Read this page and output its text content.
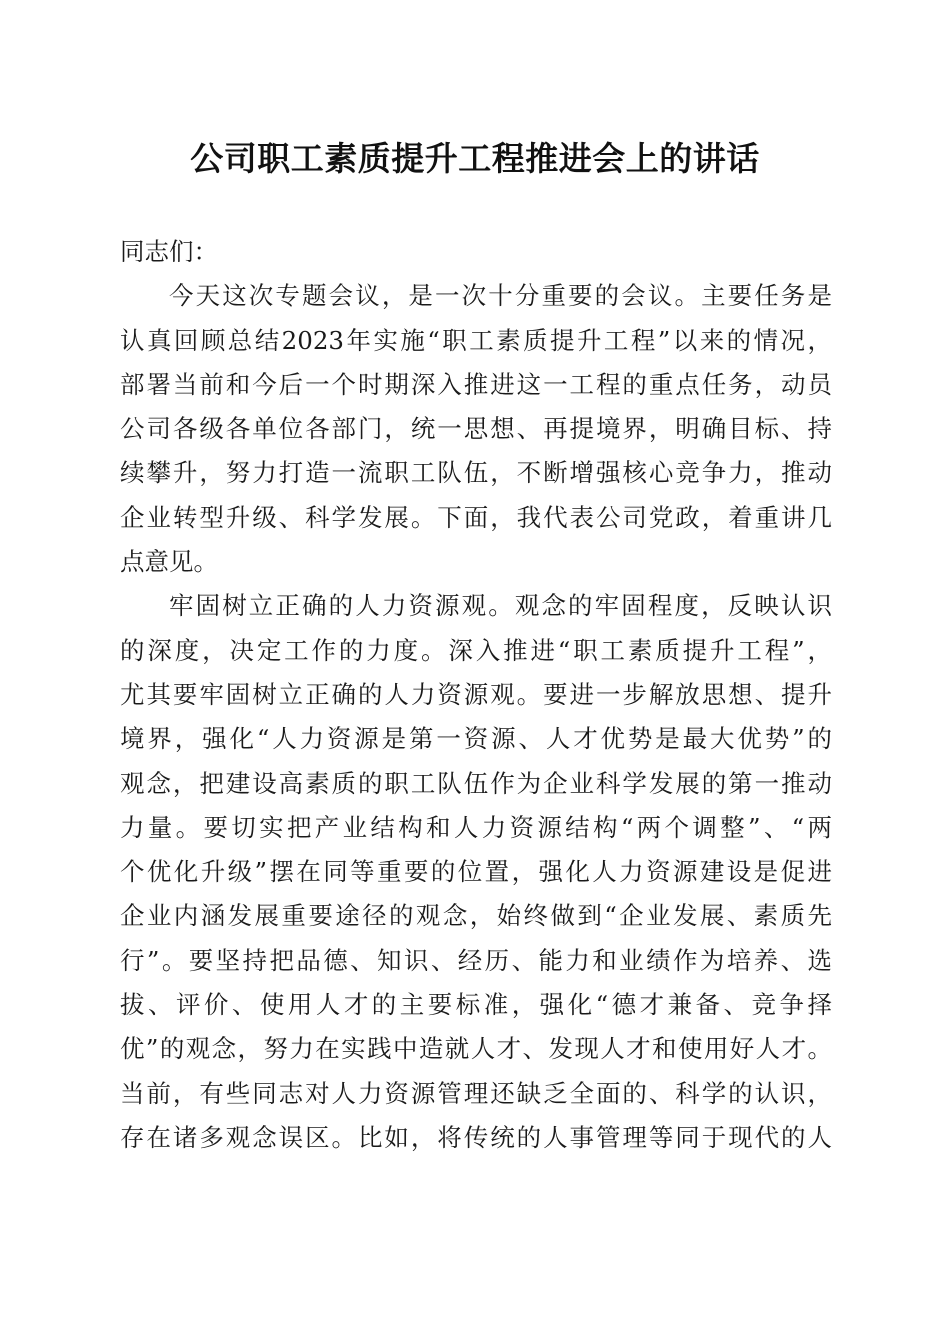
公司职工素质提升工程推进会上的讲话
同志们：
今天这次专题会议，是一次十分重要的会议。主要任务是
认真回顾总结2023年实施“职工素质提升工程”以来的情况，
部署当前和今后一个时期深入推进这一工程的重点任务，动员
公司各级各单位各部门，统一思想、再提境界，明确目标、持
续攀升，努力打造一流职工队伍，不断增强核心竞争力，推动
企业转型升级、科学发展。下面，我代表公司党政，着重讲几
点意见。
牢固树立正确的人力资源观。观念的牢固程度，反映认识
的深度，决定工作的力度。深入推进“职工素质提升工程”，
尤其要牢固树立正确的人力资源观。要进一步解放思想、提升
境界，强化“人力资源是第一资源、人才优势是最大优势”的
观念，把建设高素质的职工队伍作为企业科学发展的第一推动
力量。要切实把产业结构和人力资源结构“两个调整”、“两
个优化升级”摆在同等重要的位置，强化人力资源建设是促进
企业内涵发展重要途径的观念，始终做到“企业发展、素质先
行”。要坚持把品德、知识、经历、能力和业绩作为培养、选
拔、评价、使用人才的主要标准，强化“德才兼备、竞争择
优”的观念，努力在实践中造就人才、发现人才和使用好人才。
当前，有些同志对人力资源管理还缺乏全面的、科学的认识，
存在诸多观念误区。比如，将传统的人事管理等同于现代的人
